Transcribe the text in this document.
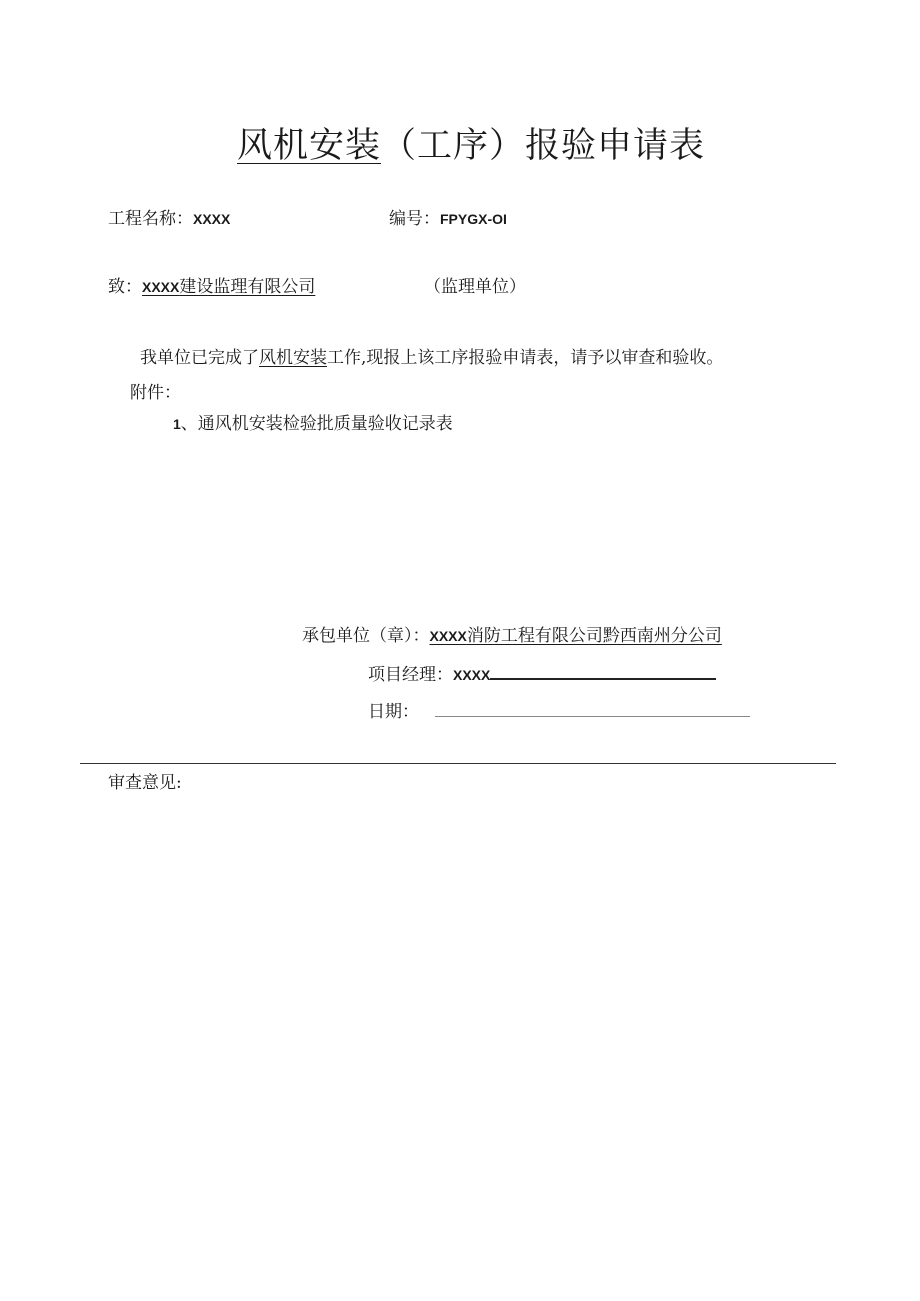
风机安装（工序）报验申请表
工程名称：XXXX	编号：FPYGX-OI
致：XXXX建设监理有限公司	（监理单位）
我单位已完成了风机安装工作,现报上该工序报验申请表，请予以审查和验收。
附件：
1、通风机安装检验批质量验收记录表
承包单位（章）：XXXX消防工程有限公司黔西南州分公司
项目经理：XXXX
日期：
审查意见:
